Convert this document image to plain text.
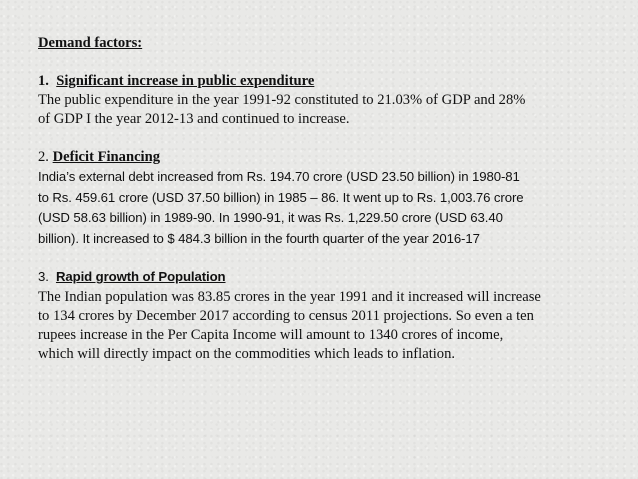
Demand factors:

1. Significant increase in public expenditure

The public expenditure in the year 1991-92 constituted to 21.03% of GDP and 28%

of GDP I the year 2012-13 and continued to increase.

2. Deficit Financing

India’s external debt increased from Rs. 194.70 crore (USD 23.50 billion) in 1980-81

to Rs. 459.61 crore (USD 37.50 billion) in 1985 – 86. It went up to Rs. 1,003.76 crore

(USD 58.63 billion) in 1989-90. In 1990-91, it was Rs. 1,229.50 crore (USD 63.40

billion). It increased to $ 484.3 billion in the fourth quarter of the year 2016-17

3. Rapid growth of Population

The Indian population was 83.85 crores in the year 1991 and it increased will increase

to 134 crores by December 2017 according to census 2011 projections. So even a ten

rupees increase in the Per Capita Income will amount to 1340 crores of income,

which will directly impact on the commodities which leads to inflation.
